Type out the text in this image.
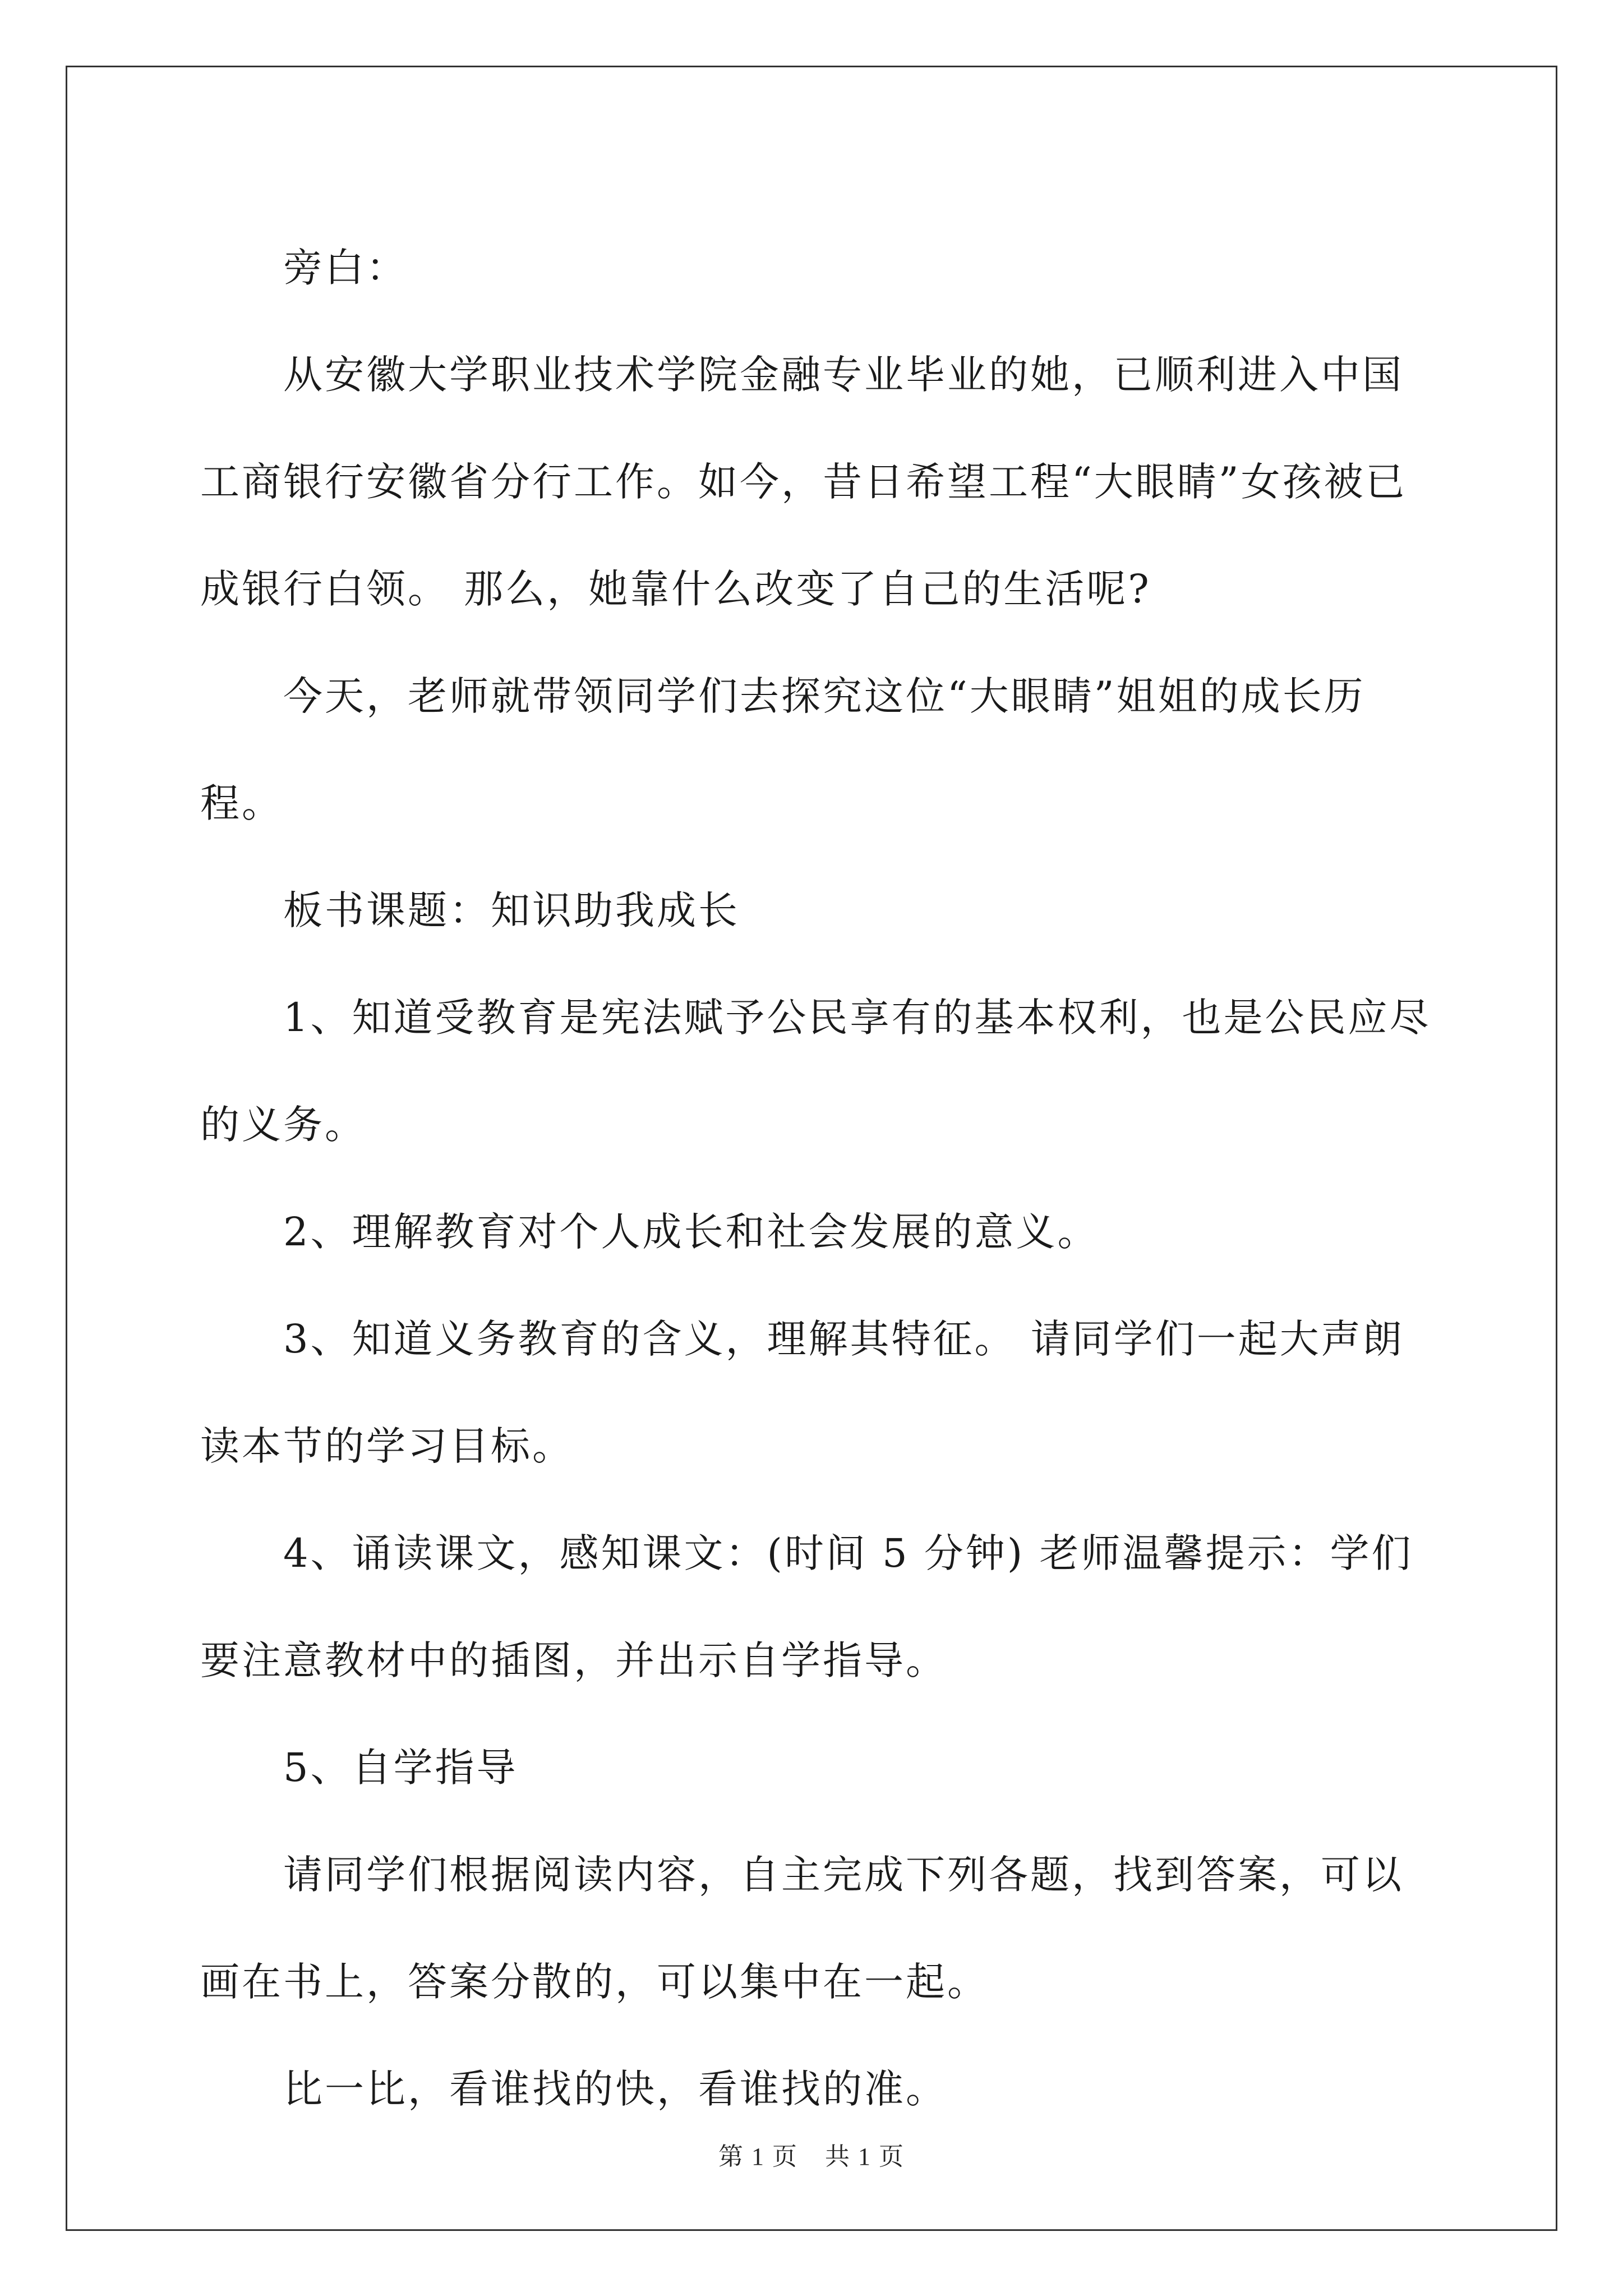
旁白：

从安徽大学职业技术学院金融专业毕业的她，已顺利进入中国工商银行安徽省分行工作。如今，昔日希望工程“大眼睛”女孩被已成银行白领。 那么，她靠什么改变了自己的生活呢?

今天，老师就带领同学们去探究这位“大眼睛”姐姐的成长历程。

板书课题：知识助我成长

1、知道受教育是宪法赋予公民享有的基本权利，也是公民应尽的义务。

2、理解教育对个人成长和社会发展的意义。

3、知道义务教育的含义，理解其特征。 请同学们一起大声朗读本节的学习目标。

4、诵读课文，感知课文：(时间 5 分钟) 老师温馨提示：学们要注意教材中的插图，并出示自学指导。

5、自学指导

请同学们根据阅读内容，自主完成下列各题，找到答案，可以画在书上，答案分散的，可以集中在一起。

比一比，看谁找的快，看谁找的准。

第 1 页 共 1 页
